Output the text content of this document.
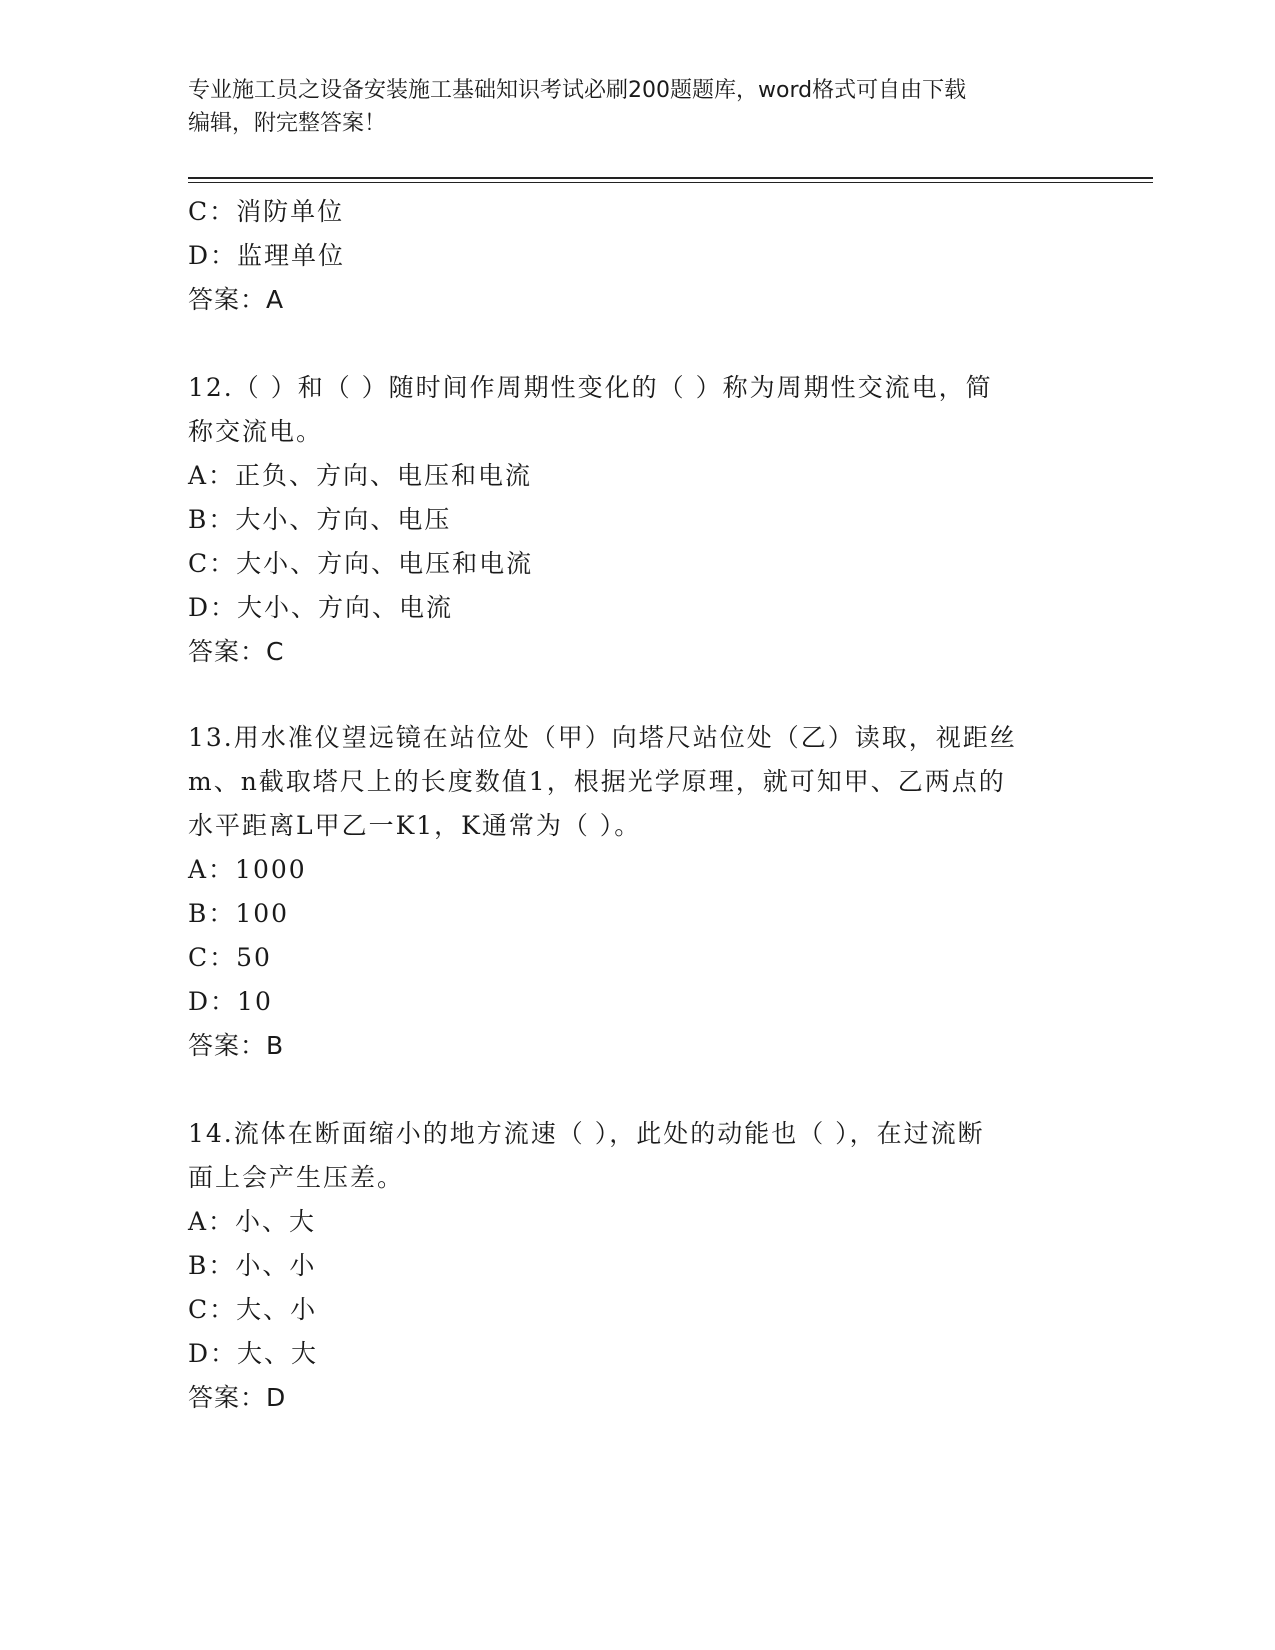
专业施工员之设备安装施工基础知识考试必刷200题题库，word格式可自由下载
编辑，附完整答案！
C：消防单位
D：监理单位
答案：A
12.（ ）和（ ）随时间作周期性变化的（ ）称为周期性交流电，简
称交流电。
A：正负、方向、电压和电流
B：大小、方向、电压
C：大小、方向、电压和电流
D：大小、方向、电流
答案：C
13.用水准仪望远镜在站位处（甲）向塔尺站位处（乙）读取，视距丝
m、n截取塔尺上的长度数值1，根据光学原理，就可知甲、乙两点的
水平距离L甲乙一K1，K通常为（ ）。
A：1000
B：100
C：50
D：10
答案：B
14.流体在断面缩小的地方流速（ ），此处的动能也（ ），在过流断
面上会产生压差。
A：小、大
B：小、小
C：大、小
D：大、大
答案：D
